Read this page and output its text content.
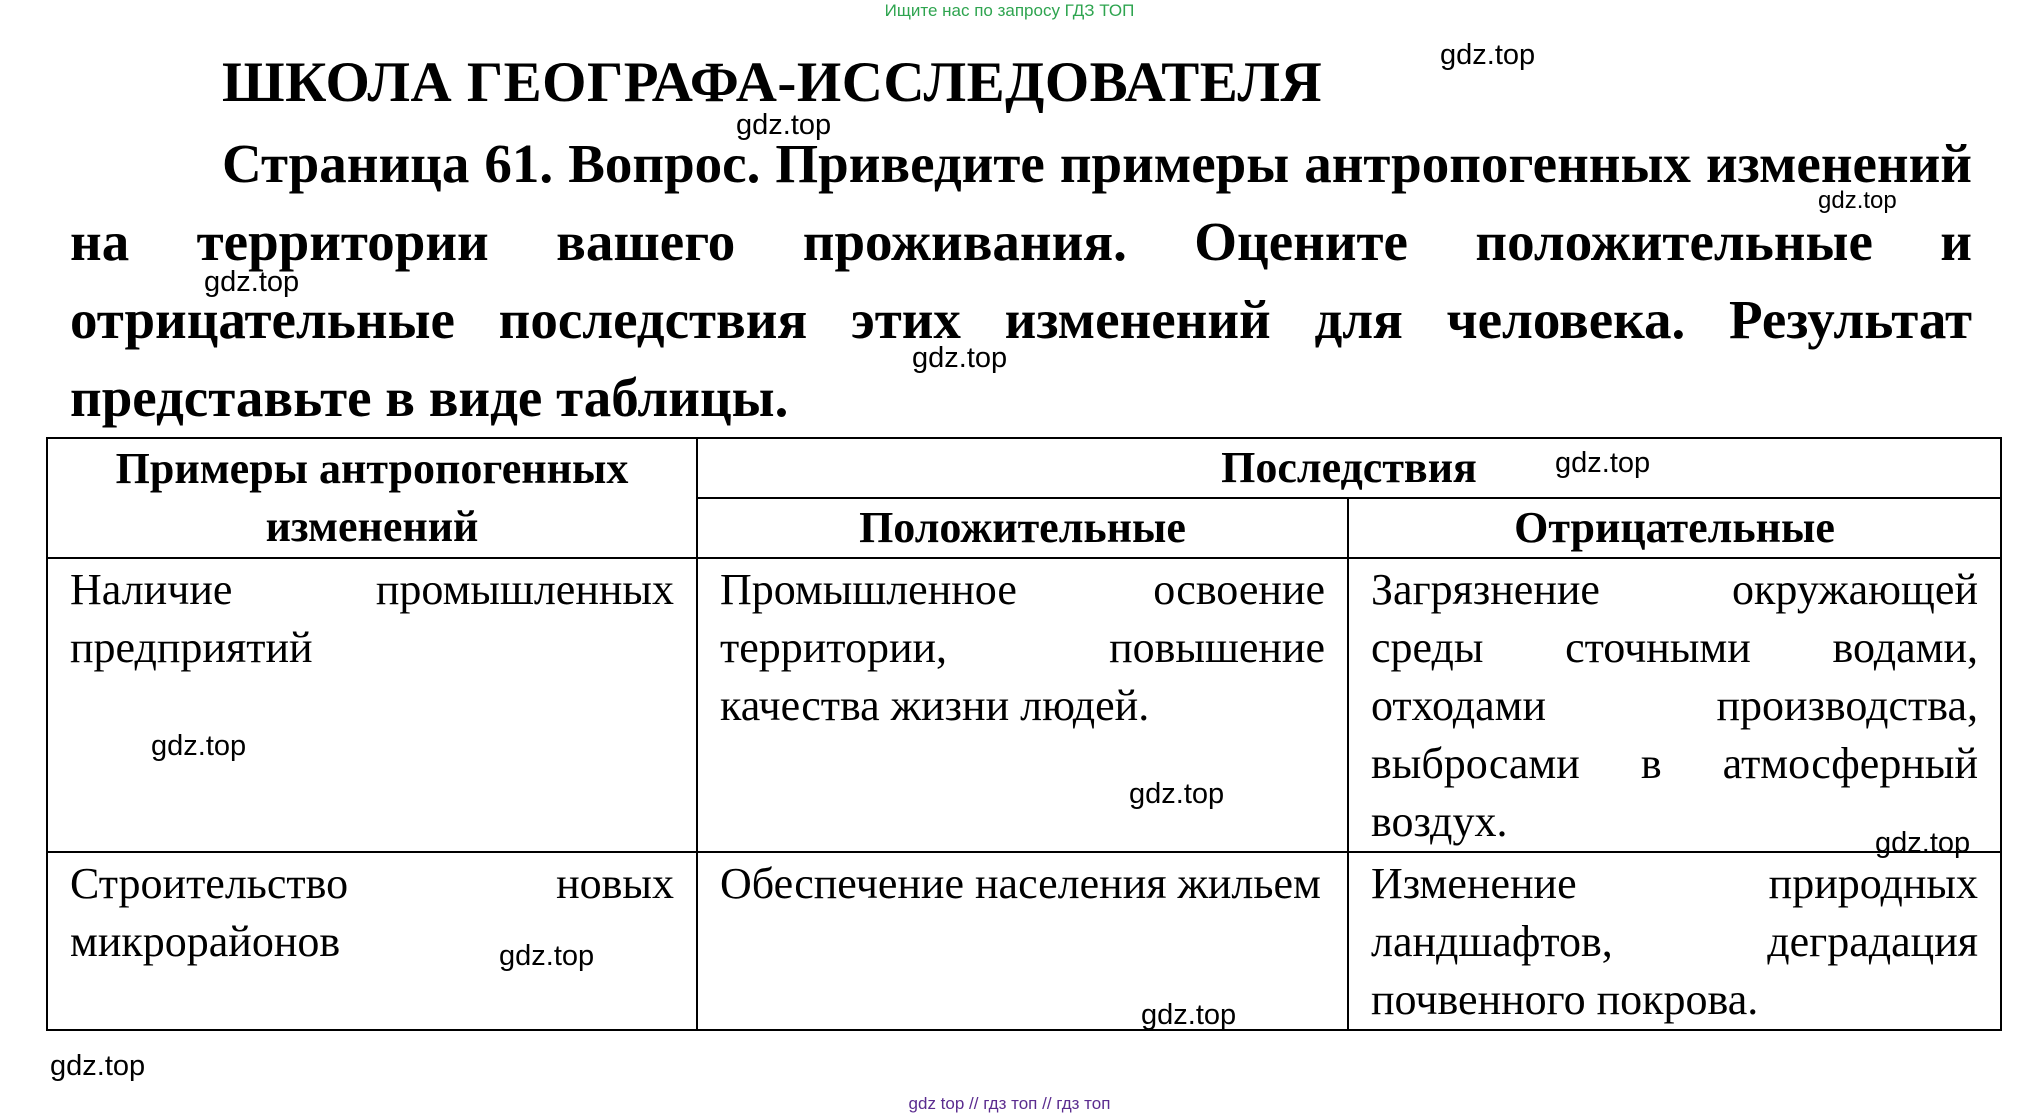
Ищите нас по запросу ГДЗ ТОП
ШКОЛА ГЕОГРАФА-ИССЛЕДОВАТЕЛЯ

Страница 61. Вопрос. Приведите примеры антропогенных изменений на территории вашего проживания. Оцените положительные и отрицательные последствия этих изменений для человека. Результат представьте в виде таблицы.

Примеры антропогенных изменений	Последствия	
	Положительные	Отрицательные
Наличие промышленных предприятий	Промышленное освоение территории, повышение качества жизни людей.	Загрязнение окружающей среды сточными водами, отходами производства, выбросами в атмосферный воздух.
Строительство новых микрорайонов	Обеспечение населения жильем	Изменение природных ландшафтов, деградация почвенного покрова.
gdz.top
gdz.top
gdz.top
gdz.top
gdz.top
gdz.top
gdz.top
gdz.top
gdz.top
gdz.top
gdz.top
gdz.top
gdz top // гдз топ // гдз топ
